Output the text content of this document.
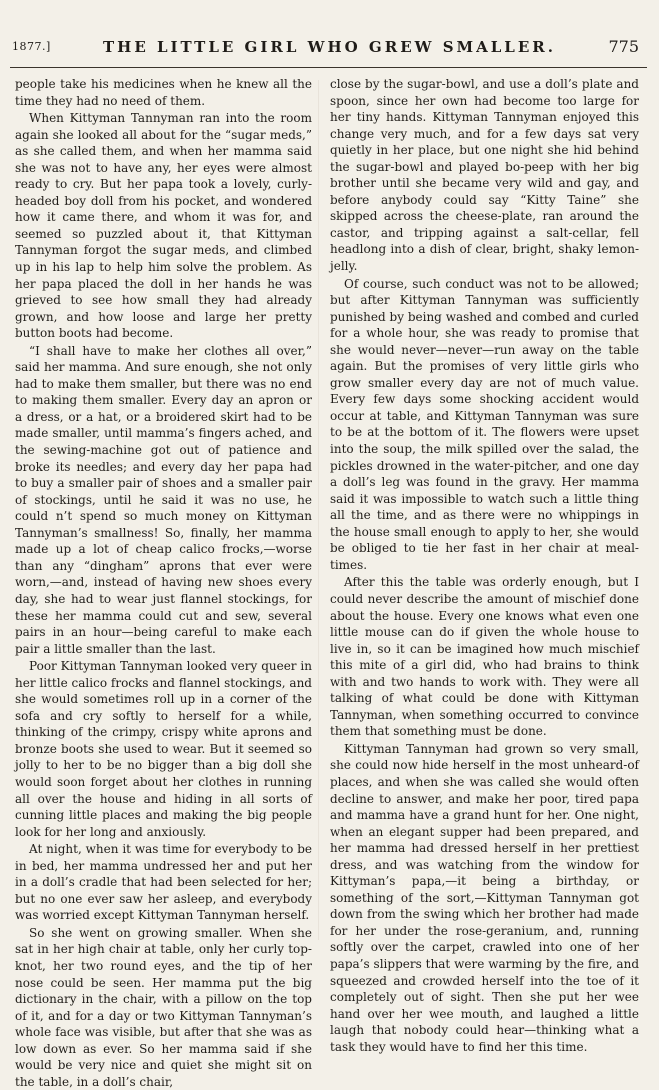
1877.]	THE LITTLE GIRL WHO GREW SMALLER.	775

people take his medicines when he knew all the time they had no need of them.

When Kittyman Tannyman ran into the room again she looked all about for the “sugar meds,” as she called them, and when her mamma said she was not to have any, her eyes were almost ready to cry. But her papa took a lovely, curly-headed boy doll from his pocket, and wondered how it came there, and whom it was for, and seemed so puzzled about it, that Kittyman Tannyman forgot the sugar meds, and climbed up in his lap to help him solve the problem. As her papa placed the doll in her hands he was grieved to see how small they had already grown, and how loose and large her pretty button boots had become.

“I shall have to make her clothes all over,” said her mamma. And sure enough, she not only had to make them smaller, but there was no end to making them smaller. Every day an apron or a dress, or a hat, or a broidered skirt had to be made smaller, until mamma’s fingers ached, and the sewing-machine got out of patience and broke its needles; and every day her papa had to buy a smaller pair of shoes and a smaller pair of stockings, until he said it was no use, he could n’t spend so much money on Kittyman Tannyman’s smallness! So, finally, her mamma made up a lot of cheap calico frocks,—worse than any “dingham” aprons that ever were worn,—and, instead of having new shoes every day, she had to wear just flannel stockings, for these her mamma could cut and sew, several pairs in an hour—being careful to make each pair a little smaller than the last.

Poor Kittyman Tannyman looked very queer in her little calico frocks and flannel stockings, and she would sometimes roll up in a corner of the sofa and cry softly to herself for a while, thinking of the crimpy, crispy white aprons and bronze boots she used to wear. But it seemed so jolly to her to be no bigger than a big doll she would soon forget about her clothes in running all over the house and hiding in all sorts of cunning little places and making the big people look for her long and anxiously.

At night, when it was time for everybody to be in bed, her mamma undressed her and put her in a doll’s cradle that had been selected for her; but no one ever saw her asleep, and everybody was worried except Kittyman Tannyman herself.

So she went on growing smaller. When she sat in her high chair at table, only her curly top-knot, her two round eyes, and the tip of her nose could be seen. Her mamma put the big dictionary in the chair, with a pillow on the top of it, and for a day or two Kittyman Tannyman’s whole face was visible, but after that she was as low down as ever. So her mamma said if she would be very nice and quiet she might sit on the table, in a doll’s chair,

close by the sugar-bowl, and use a doll’s plate and spoon, since her own had become too large for her tiny hands. Kittyman Tannyman enjoyed this change very much, and for a few days sat very quietly in her place, but one night she hid behind the sugar-bowl and played bo-peep with her big brother until she became very wild and gay, and before anybody could say “Kitty Taine” she skipped across the cheese-plate, ran around the castor, and tripping against a salt-cellar, fell headlong into a dish of clear, bright, shaky lemon-jelly.

Of course, such conduct was not to be allowed; but after Kittyman Tannyman was sufficiently punished by being washed and combed and curled for a whole hour, she was ready to promise that she would never—never—run away on the table again. But the promises of very little girls who grow smaller every day are not of much value. Every few days some shocking accident would occur at table, and Kittyman Tannyman was sure to be at the bottom of it. The flowers were upset into the soup, the milk spilled over the salad, the pickles drowned in the water-pitcher, and one day a doll’s leg was found in the gravy. Her mamma said it was impossible to watch such a little thing all the time, and as there were no whippings in the house small enough to apply to her, she would be obliged to tie her fast in her chair at meal-times.

After this the table was orderly enough, but I could never describe the amount of mischief done about the house. Every one knows what even one little mouse can do if given the whole house to live in, so it can be imagined how much mischief this mite of a girl did, who had brains to think with and two hands to work with. They were all talking of what could be done with Kittyman Tannyman, when something occurred to convince them that something must be done.

Kittyman Tannyman had grown so very small, she could now hide herself in the most unheard-of places, and when she was called she would often decline to answer, and make her poor, tired papa and mamma have a grand hunt for her. One night, when an elegant supper had been prepared, and her mamma had dressed herself in her prettiest dress, and was watching from the window for Kittyman’s papa,—it being a birthday, or something of the sort,—Kittyman Tannyman got down from the swing which her brother had made for her under the rose-geranium, and, running softly over the carpet, crawled into one of her papa’s slippers that were warming by the fire, and squeezed and crowded herself into the toe of it completely out of sight. Then she put her wee hand over her wee mouth, and laughed a little laugh that nobody could hear—thinking what a task they would have to find her this time.
